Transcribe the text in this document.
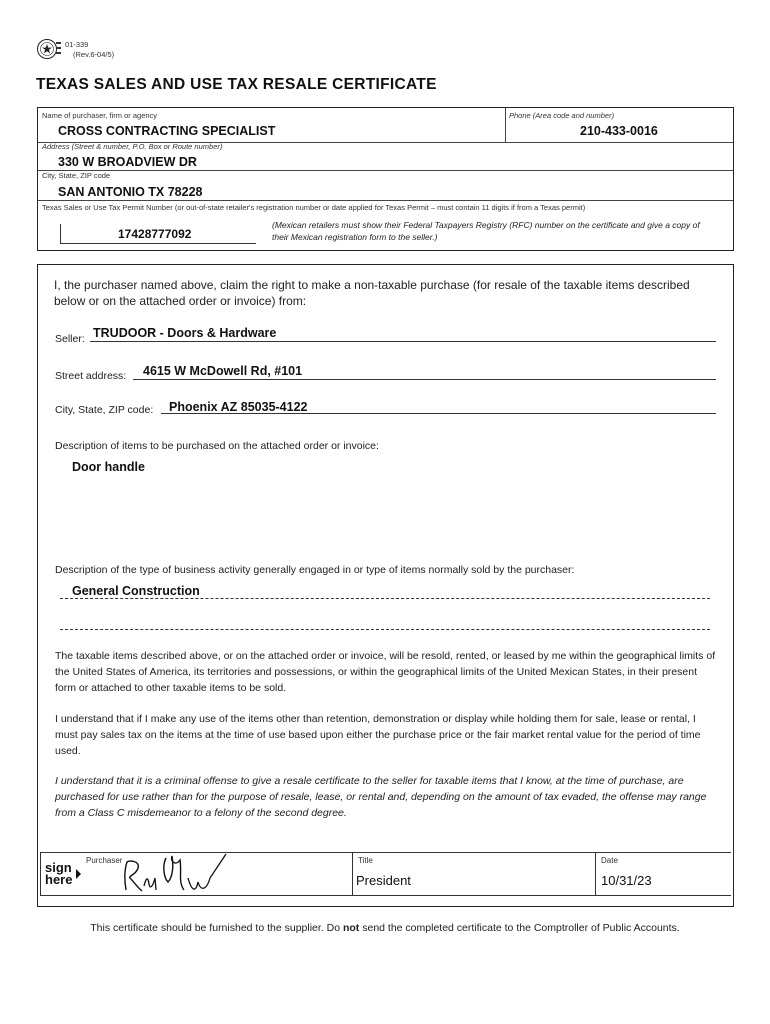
01-339
(Rev.6-04/5)
TEXAS SALES AND USE TAX RESALE CERTIFICATE
Name of purchaser, firm or agency
CROSS CONTRACTING SPECIALIST
Phone (Area code and number)
210-433-0016
Address (Street & number, P.O. Box or Route number)
330 W BROADVIEW DR
City, State, ZIP code
SAN ANTONIO TX 78228
Texas Sales or Use Tax Permit Number (or out-of-state retailer's registration number or date applied for Texas Permit – must contain 11 digits if from a Texas permit)
17428777092
(Mexican retailers must show their Federal Taxpayers Registry (RFC) number on the certificate and give a copy of their Mexican registration form to the seller.)
I, the purchaser named above, claim the right to make a non-taxable purchase (for resale of the taxable items described below or on the attached order or invoice) from:
Seller: TRUDOOR - Doors & Hardware
Street address: 4615 W McDowell Rd, #101
City, State, ZIP code: Phoenix AZ 85035-4122
Description of items to be purchased on the attached order or invoice:
Door handle
Description of the type of business activity generally engaged in or type of items normally sold by the purchaser:
General Construction
The taxable items described above, or on the attached order or invoice, will be resold, rented, or leased by me within the geographical limits of the United States of America, its territories and possessions, or within the geographical limits of the United Mexican States, in their present form or attached to other taxable items to be sold.
I understand that if I make any use of the items other than retention, demonstration or display while holding them for sale, lease or rental, I must pay sales tax on the items at the time of use based upon either the purchase price or the fair market rental value for the period of time used.
I understand that it is a criminal offense to give a resale certificate to the seller for taxable items that I know, at the time of purchase, are purchased for use rather than for the purpose of resale, lease, or rental and, depending on the amount of tax evaded, the offense may range from a Class C misdemeanor to a felony of the second degree.
sign
here
Purchaser	Title
President
Date
10/31/23
This certificate should be furnished to the supplier. Do not send the completed certificate to the Comptroller of Public Accounts.
